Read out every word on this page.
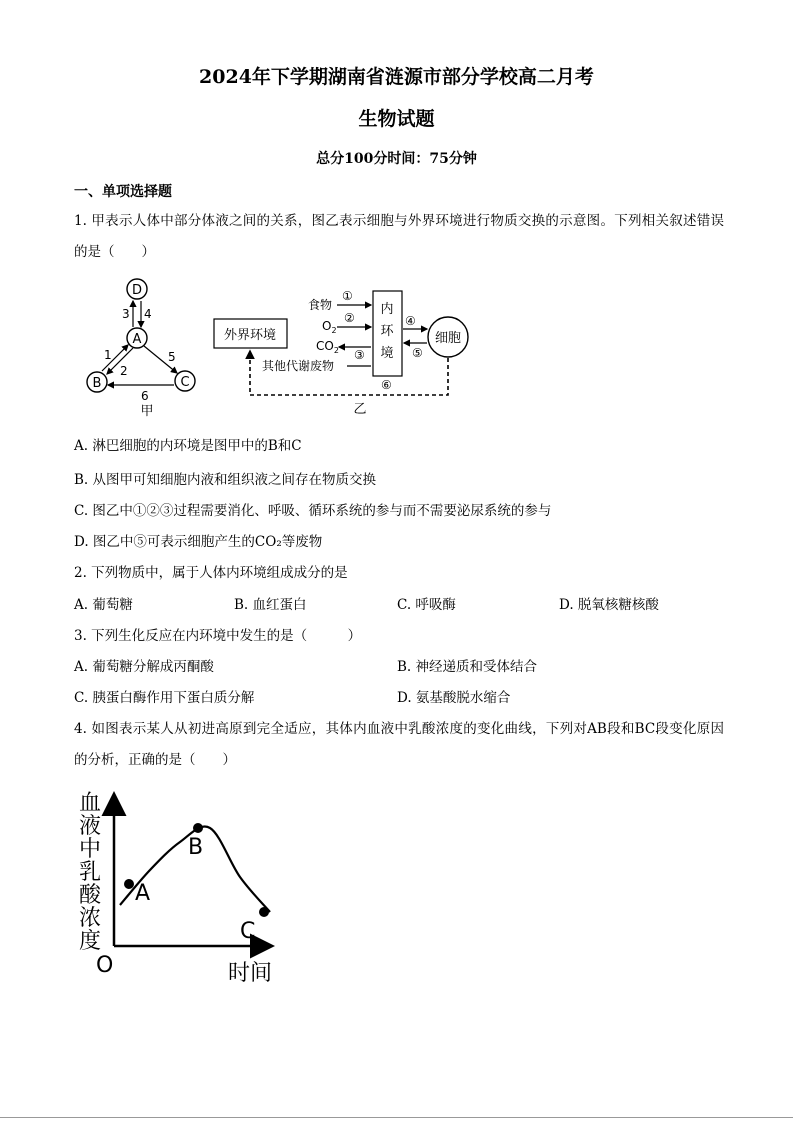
2024年下学期湖南省涟源市部分学校高二月考
生物试题
总分100分时间：75分钟
一、单项选择题
1. 甲表示人体中部分体液之间的关系，图乙表示细胞与外界环境进行物质交换的示意图。下列相关叙述错误的是（　　）
D
A
B	C
3 4
1
2
5
6
甲
外界环境
内
环
境
细胞
食物
①
$O_2$
②
$CO_2$ ③
其他代谢废物
④
⑤
⑥
乙
A. 淋巴细胞的内环境是图甲中的B和C
B. 从图甲可知细胞内液和组织液之间存在物质交换
C. 图乙中①②③过程需要消化、呼吸、循环系统的参与而不需要泌尿系统的参与
D. 图乙中⑤可表示细胞产生的CO₂等废物
2. 下列物质中，属于人体内环境组成成分的是
A. 葡萄糖	B. 血红蛋白	C. 呼吸酶	D. 脱氧核糖核酸
3. 下列生化反应在内环境中发生的是（　　　）
A. 葡萄糖分解成丙酮酸	B. 神经递质和受体结合
C. 胰蛋白酶作用下蛋白质分解	D. 氨基酸脱水缩合
4. 如图表示某人从初进高原到完全适应，其体内血液中乳酸浓度的变化曲线，下列对AB段和BC段变化原因的分析，正确的是（　　）
血液中乳酸浓度
O	时间
A
B
C
